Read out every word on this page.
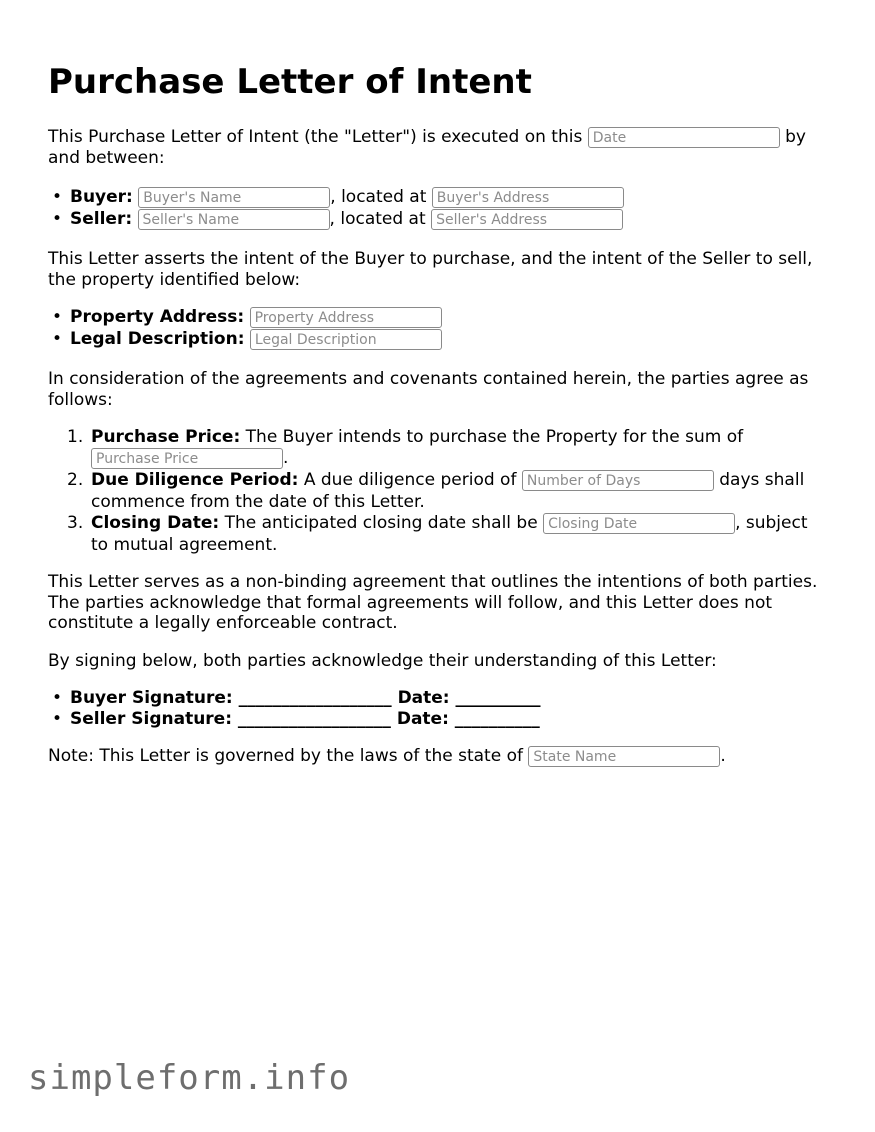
Purchase Letter of Intent
This Purchase Letter of Intent (the "Letter") is executed on this Date	by
and between:
• Buyer: Buyer's Name	, located at Buyer's Address
• Seller: Seller's Name	, located at Seller's Address
This Letter asserts the intent of the Buyer to purchase, and the intent of the Seller to sell,
the property identified below:
• Property Address: Property Address
• Legal Description: Legal Description
In consideration of the agreements and covenants contained herein, the parties agree as
follows:
1. Purchase Price: The Buyer intends to purchase the Property for the sum of
Purchase Price.
2. Due Diligence Period: A due diligence period of Number of Days	days shall
commence from the date of this Letter.
3. Closing Date: The anticipated closing date shall be Closing Date	, subject
to mutual agreement.
This Letter serves as a non-binding agreement that outlines the intentions of both parties.
The parties acknowledge that formal agreements will follow, and this Letter does not
constitute a legally enforceable contract.
By signing below, both parties acknowledge their understanding of this Letter:
• Buyer Signature: __________________ Date: __________
• Seller Signature: __________________ Date: __________
Note: This Letter is governed by the laws of the state of State Name	.
simpleform.info
